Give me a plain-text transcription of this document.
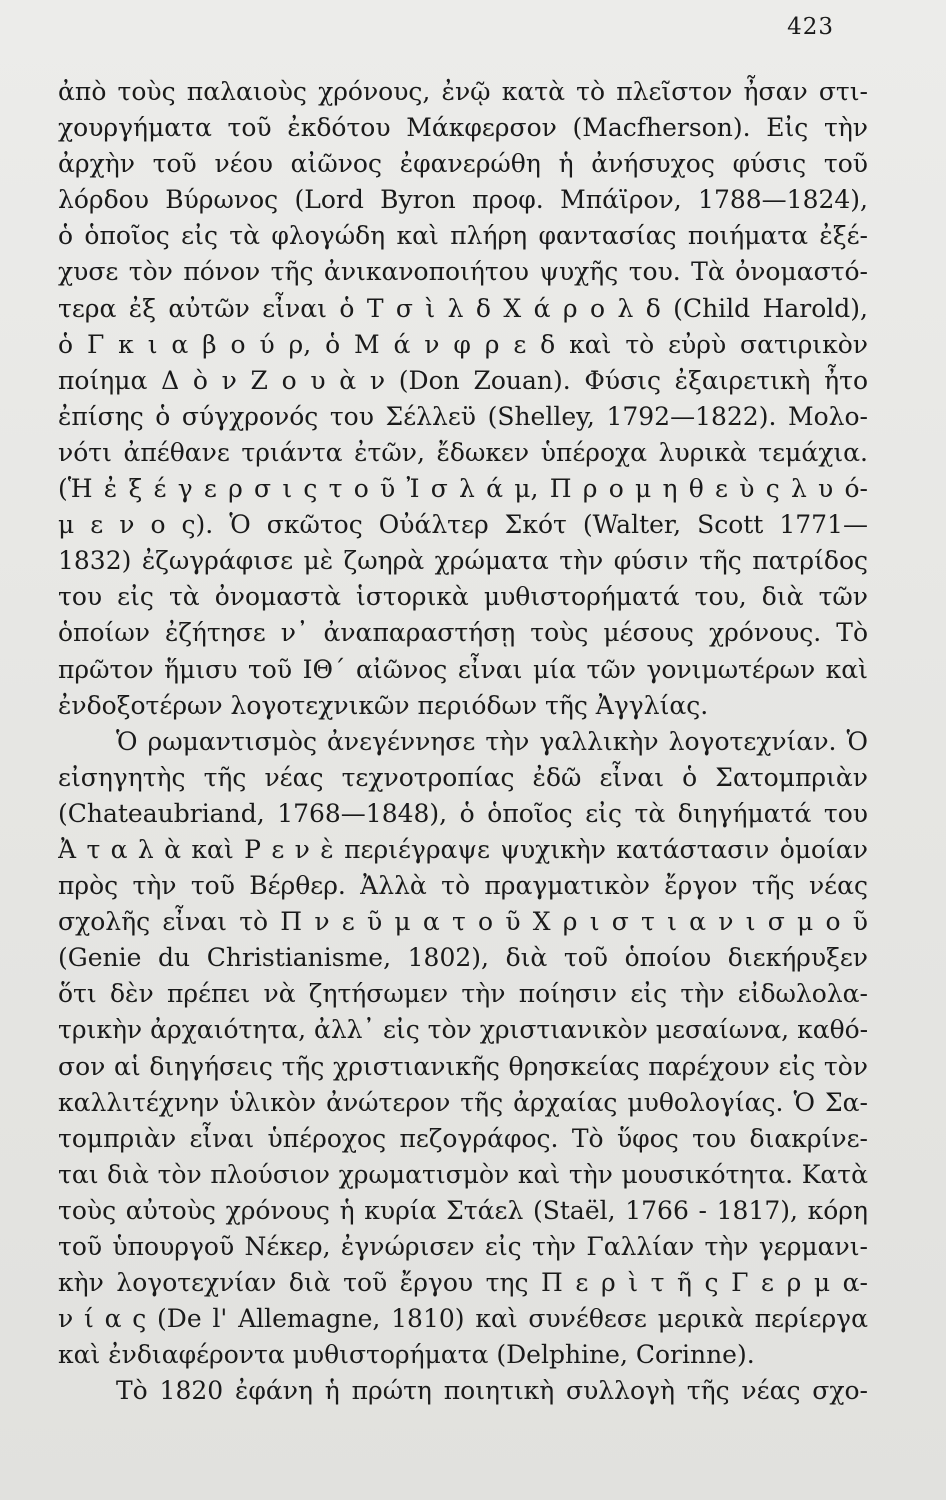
423
ἀπὸ τοὺς παλαιοὺς χρόνους, ἐνῷ κατὰ τὸ πλεῖστον ἦσαν στι-
χουργήματα τοῦ ἐκδότου Μάκφερσον (Macfherson). Εἰς τὴν
ἀρχὴν τοῦ νέου αἰῶνος ἐφανερώθη ἡ ἀνήσυχος φύσις τοῦ
λόρδου Βύρωνος (Lord Byron προφ. Μπάϊρον, 1788—1824),
ὁ ὁποῖος εἰς τὰ φλογώδη καὶ πλήρη φαντασίας ποιήματα ἐξέ-
χυσε τὸν πόνον τῆς ἀνικανοποιήτου ψυχῆς του. Τὰ ὀνομαστό-
τερα ἐξ αὐτῶν εἶναι ὁ Τ σ ὶ λ δ Χ ά ρ ο λ δ (Child Harold),
ὁ Γ κ ι α β ο ύ ρ, ὁ Μ ά ν φ ρ ε δ καὶ τὸ εὐρὺ σατιρικὸν
ποίημα Δ ὸ ν Ζ ο υ ὰ ν (Don Zouan). Φύσις ἐξαιρετικὴ ἦτο
ἐπίσης ὁ σύγχρονός του Σέλλεϋ (Shelley, 1792—1822). Μολο-
νότι ἀπέθανε τριάντα ἐτῶν, ἔδωκεν ὑπέροχα λυρικὰ τεμάχια.
(Ἡ ἐ ξ έ γ ε ρ σ ι ς τ ο ῦ Ἰ σ λ ά μ, Π ρ ο μ η θ ε ὺ ς λ υ ό-
μ ε ν ο ς). Ὁ σκῶτος Οὐάλτερ Σκότ (Walter, Scott 1771—
1832) ἐζωγράφισε μὲ ζωηρὰ χρώματα τὴν φύσιν τῆς πατρίδος
του εἰς τὰ ὀνομαστὰ ἱστορικὰ μυθιστορήματά του, διὰ τῶν
ὁποίων ἐζήτησε ν᾽ ἀναπαραστήσῃ τοὺς μέσους χρόνους. Τὸ
πρῶτον ἥμισυ τοῦ ΙΘ΄ αἰῶνος εἶναι μία τῶν γονιμωτέρων καὶ
ἐνδοξοτέρων λογοτεχνικῶν περιόδων τῆς Ἀγγλίας.
Ὁ ρωμαντισμὸς ἀνεγέννησε τὴν γαλλικὴν λογοτεχνίαν. Ὁ
εἰσηγητὴς τῆς νέας τεχνοτροπίας ἐδῶ εἶναι ὁ Σατομπριὰν
(Chateaubriand, 1768—1848), ὁ ὁποῖος εἰς τὰ διηγήματά του
Ἀ τ α λ ὰ καὶ Ρ ε ν ὲ περιέγραψε ψυχικὴν κατάστασιν ὁμοίαν
πρὸς τὴν τοῦ Βέρθερ. Ἀλλὰ τὸ πραγματικὸν ἔργον τῆς νέας
σχολῆς εἶναι τὸ Π ν ε ῦ μ α τ ο ῦ Χ ρ ι σ τ ι α ν ι σ μ ο ῦ
(Genie du Christianisme, 1802), διὰ τοῦ ὁποίου διεκήρυξεν
ὅτι δὲν πρέπει νὰ ζητήσωμεν τὴν ποίησιν εἰς τὴν εἰδωλολα-
τρικὴν ἀρχαιότητα, ἀλλ᾽ εἰς τὸν χριστιανικὸν μεσαίωνα, καθό-
σον αἱ διηγήσεις τῆς χριστιανικῆς θρησκείας παρέχουν εἰς τὸν
καλλιτέχνην ὑλικὸν ἀνώτερον τῆς ἀρχαίας μυθολογίας. Ὁ Σα-
τομπριὰν εἶναι ὑπέροχος πεζογράφος. Τὸ ὕφος του διακρίνε-
ται διὰ τὸν πλούσιον χρωματισμὸν καὶ τὴν μουσικότητα. Κατὰ
τοὺς αὐτοὺς χρόνους ἡ κυρία Στάελ (Staël, 1766 - 1817), κόρη
τοῦ ὑπουργοῦ Νέκερ, ἐγνώρισεν εἰς τὴν Γαλλίαν τὴν γερμανι-
κὴν λογοτεχνίαν διὰ τοῦ ἔργου της Π ε ρ ὶ τ ῆ ς Γ ε ρ μ α-
ν ί α ς (De l' Allemagne, 1810) καὶ συνέθεσε μερικὰ περίεργα
καὶ ἐνδιαφέροντα μυθιστορήματα (Delphine, Corinne).
Τὸ 1820 ἐφάνη ἡ πρώτη ποιητικὴ συλλογὴ τῆς νέας σχο-
